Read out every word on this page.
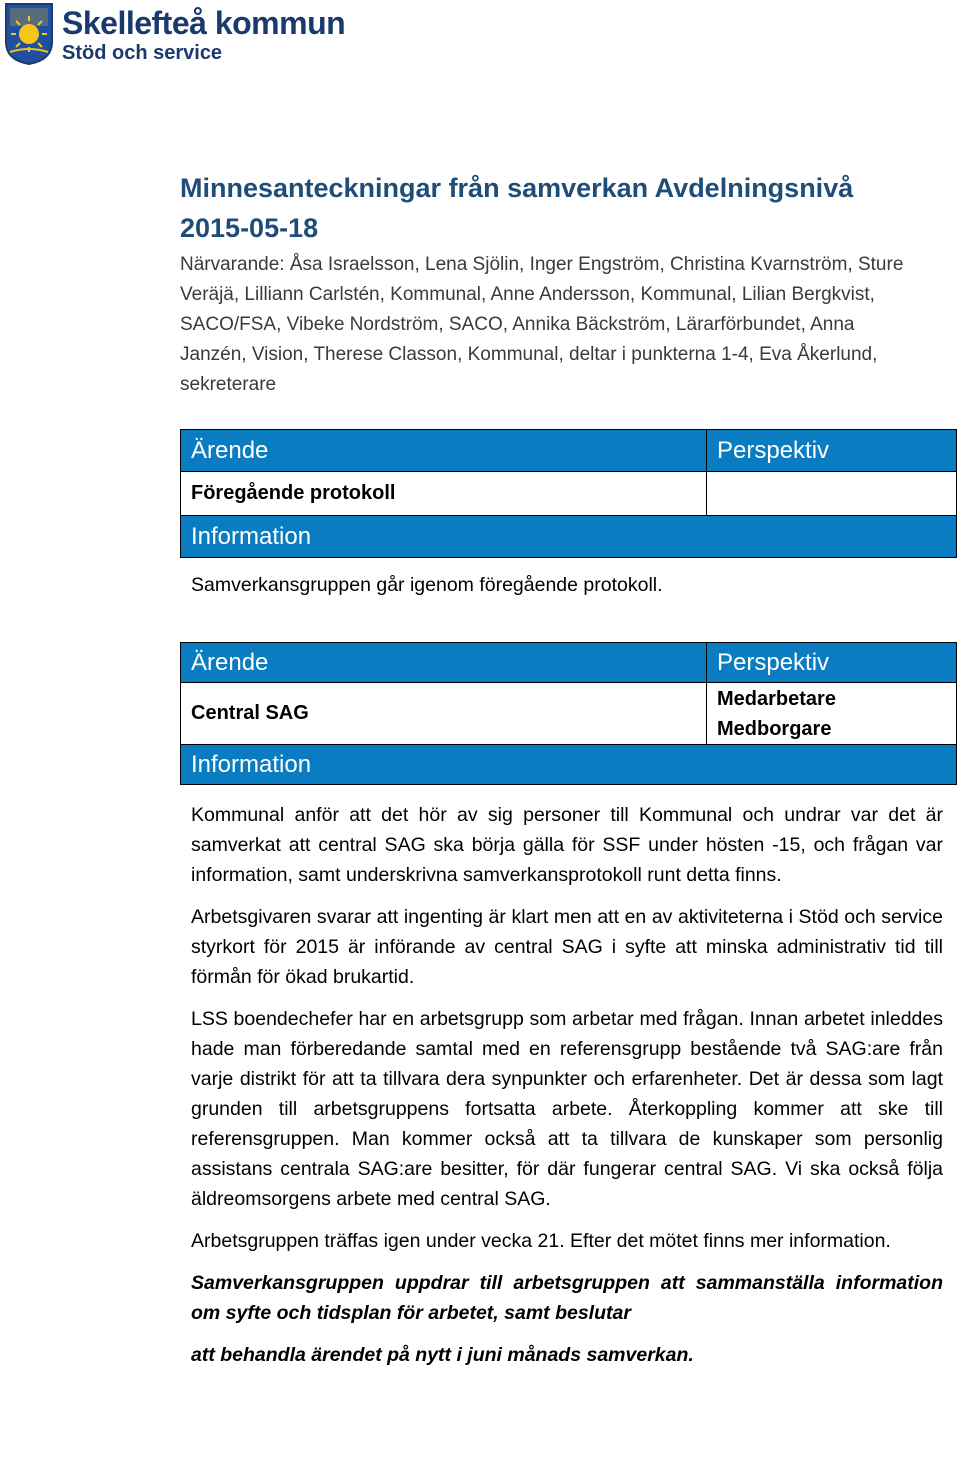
Skellefteå kommun
Stöd och service
Minnesanteckningar från samverkan Avdelningsnivå
2015-05-18
Närvarande: Åsa Israelsson, Lena Sjölin, Inger Engström, Christina Kvarnström, Sture Veräjä, Lilliann Carlstén, Kommunal, Anne Andersson, Kommunal, Lilian Bergkvist, SACO/FSA, Vibeke Nordström, SACO, Annika Bäckström, Lärarförbundet, Anna Janzén, Vision, Therese Classon, Kommunal, deltar i punkterna 1-4, Eva Åkerlund, sekreterare
Ärende	Perspektiv
Föregående protokoll	
Information	

Samverkansgruppen går igenom föregående protokoll.

Ärende	Perspektiv
Central SAG	Medarbetare
Medborgare

Information	

Kommunal anför att det hör av sig personer till Kommunal och undrar var det är samverkat att central SAG ska börja gälla för SSF under hösten -15, och frågan var information, samt underskrivna samverkansprotokoll runt detta finns.

Arbetsgivaren svarar att ingenting är klart men att en av aktiviteterna i Stöd och service styrkort för 2015 är införande av central SAG i syfte att minska administrativ tid till förmån för ökad brukartid.

LSS boendechefer har en arbetsgrupp som arbetar med frågan. Innan arbetet inleddes hade man förberedande samtal med en referensgrupp bestående två SAG:are från varje distrikt för att ta tillvara dera synpunkter och erfarenheter. Det är dessa som lagt grunden till arbetsgruppens fortsatta arbete. Återkoppling kommer att ske till referensgruppen. Man kommer också att ta tillvara de kunskaper som personlig assistans centrala SAG:are besitter, för där fungerar central SAG. Vi ska också följa äldreomsorgens arbete med central SAG.

Arbetsgruppen träffas igen under vecka 21. Efter det mötet finns mer information.

Samverkansgruppen uppdrar till arbetsgruppen att sammanställa information om syfte och tidsplan för arbetet, samt beslutar

att behandla ärendet på nytt i juni månads samverkan.
